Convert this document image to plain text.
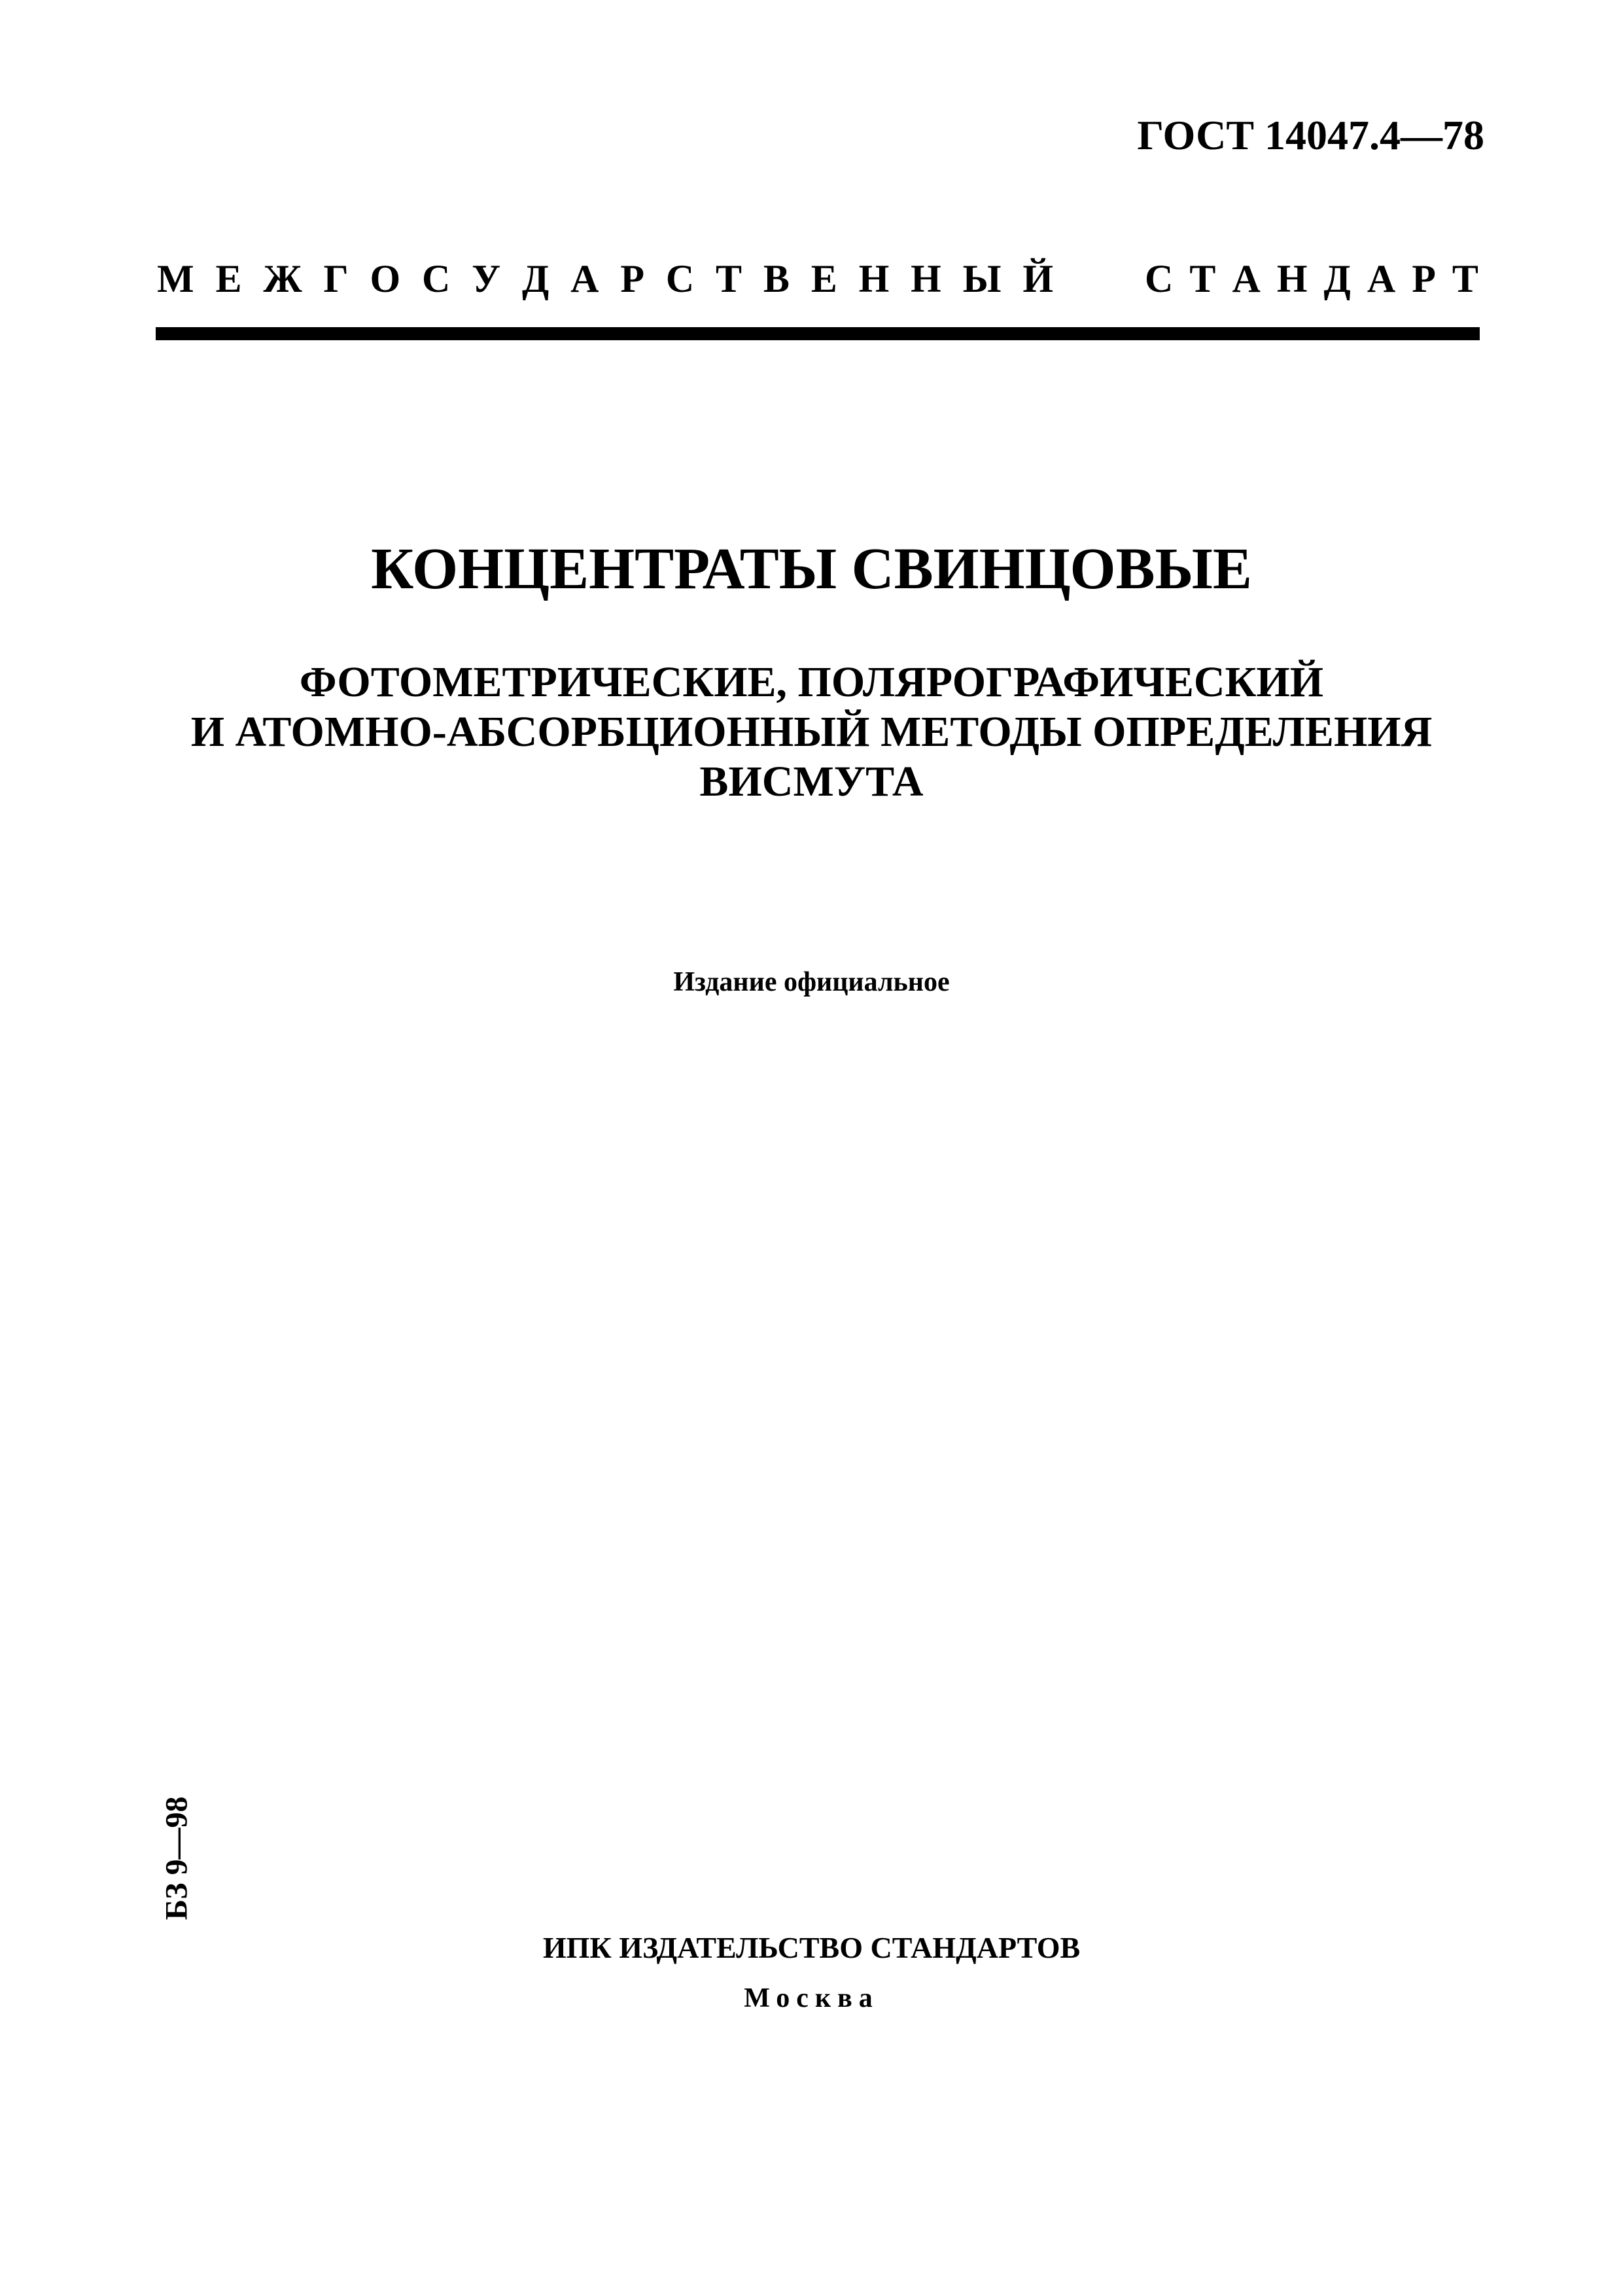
ГОСТ 14047.4—78
М Е Ж Г О С У Д А Р С Т В Е Н Н Ы Й С Т А Н Д А Р Т
КОНЦЕНТРАТЫ СВИНЦОВЫЕ
ФОТОМЕТРИЧЕСКИЕ, ПОЛЯРОГРАФИЧЕСКИЙ
И АТОМНО-АБСОРБЦИОННЫЙ МЕТОДЫ ОПРЕДЕЛЕНИЯ
ВИСМУТА
Издание официальное
БЗ 9—98
ИПК ИЗДАТЕЛЬСТВО СТАНДАРТОВ
Москва
